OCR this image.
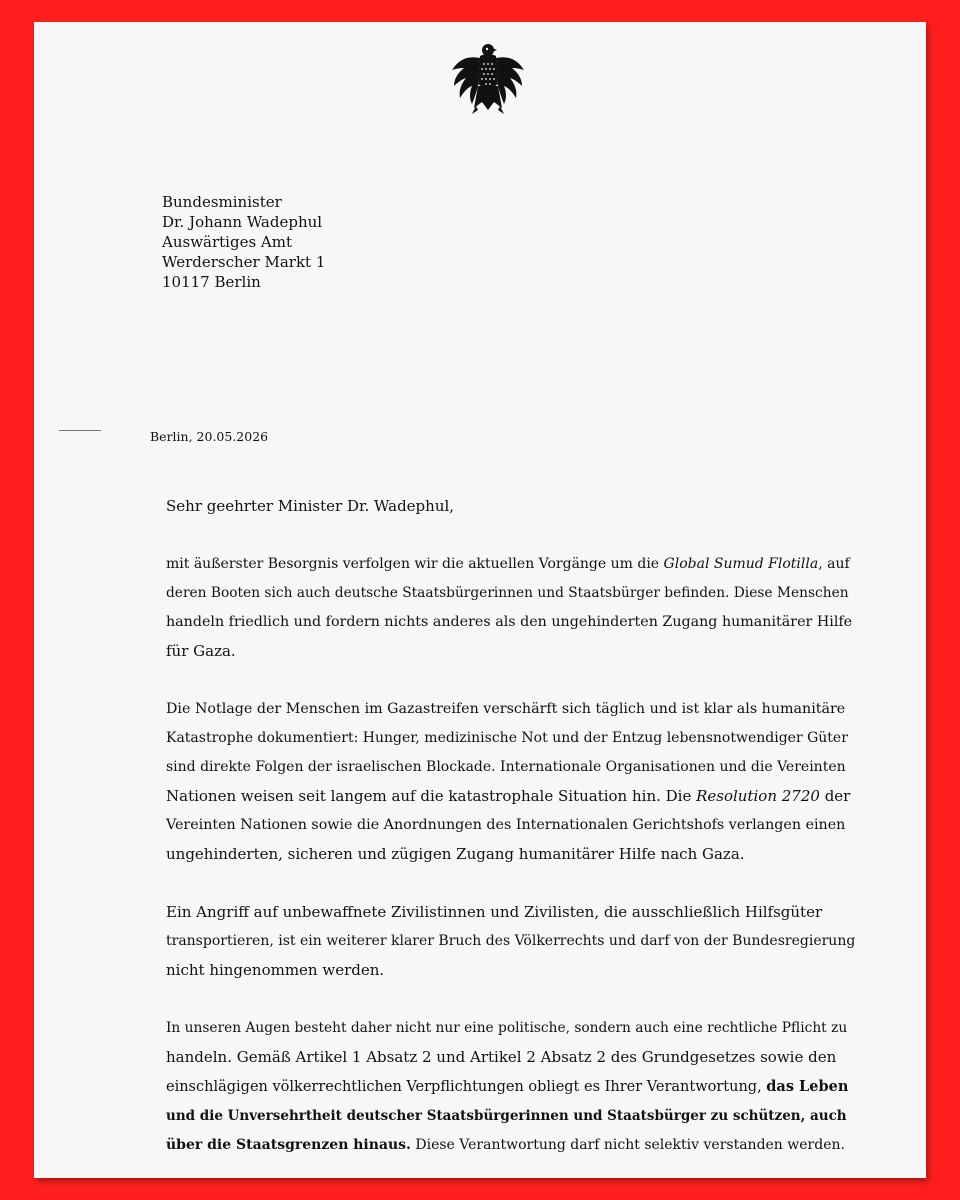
Bundesminister
Dr. Johann Wadephul
Auswärtiges Amt
Werderscher Markt 1
10117 Berlin
Berlin, 20.05.2026

Sehr geehrter Minister Dr. Wadephul,

mit äußerster Besorgnis verfolgen wir die aktuellen Vorgänge um die Global Sumud Flotilla, auf
deren Booten sich auch deutsche Staatsbürgerinnen und Staatsbürger befinden. Diese Menschen
handeln friedlich und fordern nichts anderes als den ungehinderten Zugang humanitärer Hilfe
für Gaza.

Die Notlage der Menschen im Gazastreifen verschärft sich täglich und ist klar als humanitäre
Katastrophe dokumentiert: Hunger, medizinische Not und der Entzug lebensnotwendiger Güter
sind direkte Folgen der israelischen Blockade. Internationale Organisationen und die Vereinten
Nationen weisen seit langem auf die katastrophale Situation hin. Die Resolution 2720 der
Vereinten Nationen sowie die Anordnungen des Internationalen Gerichtshofs verlangen einen
ungehinderten, sicheren und zügigen Zugang humanitärer Hilfe nach Gaza.

Ein Angriff auf unbewaffnete Zivilistinnen und Zivilisten, die ausschließlich Hilfsgüter
transportieren, ist ein weiterer klarer Bruch des Völkerrechts und darf von der Bundesregierung
nicht hingenommen werden.

In unseren Augen besteht daher nicht nur eine politische, sondern auch eine rechtliche Pflicht zu
handeln. Gemäß Artikel 1 Absatz 2 und Artikel 2 Absatz 2 des Grundgesetzes sowie den
einschlägigen völkerrechtlichen Verpflichtungen obliegt es Ihrer Verantwortung, das Leben
und die Unversehrtheit deutscher Staatsbürgerinnen und Staatsbürger zu schützen, auch
über die Staatsgrenzen hinaus. Diese Verantwortung darf nicht selektiv verstanden werden.
